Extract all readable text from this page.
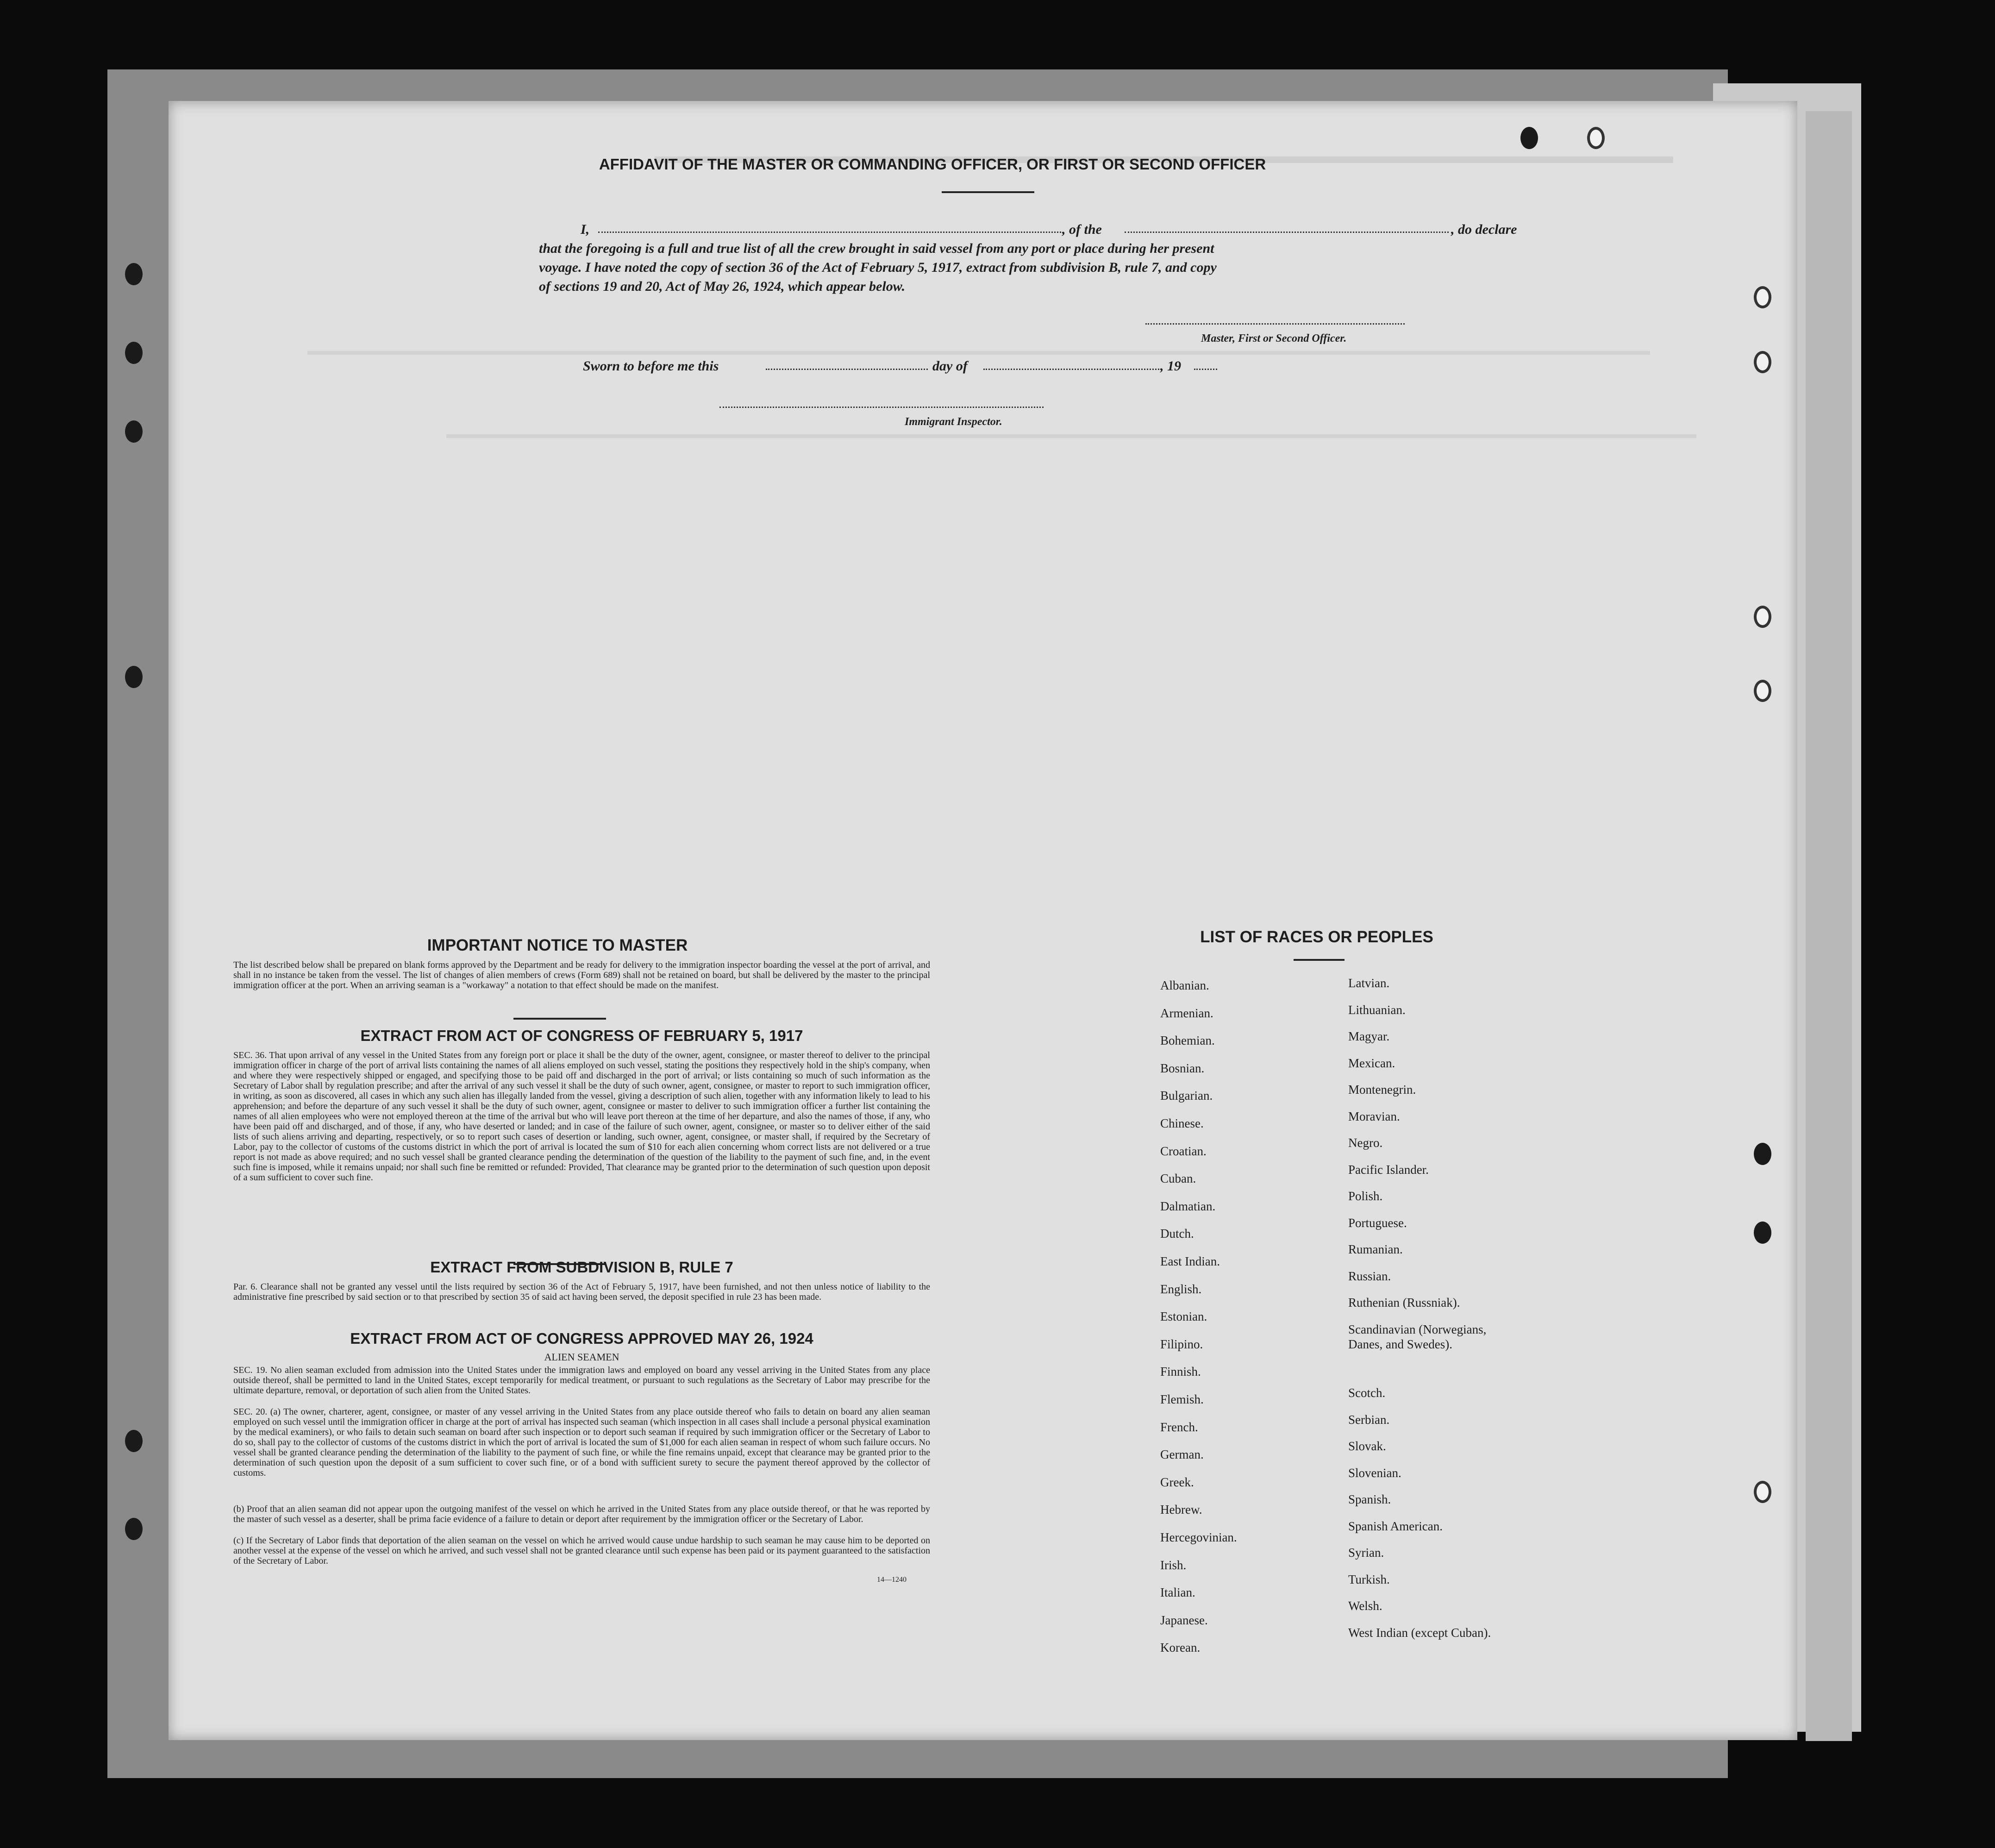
AFFIDAVIT OF THE MASTER OR COMMANDING OFFICER, OR FIRST OR SECOND OFFICER
I,	, of the	, do declare
that the foregoing is a full and true list of all the crew brought in said vessel from any port or place during her present
voyage. I have noted the copy of section 36 of the Act of February 5, 1917, extract from subdivision B, rule 7, and copy
of sections 19 and 20, Act of May 26, 1924, which appear below.
Master, First or Second Officer.
Sworn to before me this	day of	, 19
Immigrant Inspector.
IMPORTANT NOTICE TO MASTER
The list described below shall be prepared on blank forms approved by the Department and be ready for delivery to the immigration inspector boarding the vessel at the port of arrival, and shall in no instance be taken from the vessel. The list of changes of alien members of crews (Form 689) shall not be retained on board, but shall be delivered by the master to the principal immigration officer at the port. When an arriving seaman is a "workaway" a notation to that effect should be made on the manifest.
EXTRACT FROM ACT OF CONGRESS OF FEBRUARY 5, 1917
SEC. 36. That upon arrival of any vessel in the United States from any foreign port or place it shall be the duty of the owner, agent, consignee, or master thereof to deliver to the principal immigration officer in charge of the port of arrival lists containing the names of all aliens employed on such vessel, stating the positions they respectively hold in the ship's company, when and where they were respectively shipped or engaged, and specifying those to be paid off and discharged in the port of arrival; or lists containing so much of such information as the Secretary of Labor shall by regulation prescribe; and after the arrival of any such vessel it shall be the duty of such owner, agent, consignee, or master to report to such immigration officer, in writing, as soon as discovered, all cases in which any such alien has illegally landed from the vessel, giving a description of such alien, together with any information likely to lead to his apprehension; and before the departure of any such vessel it shall be the duty of such owner, agent, consignee or master to deliver to such immigration officer a further list containing the names of all alien employees who were not employed thereon at the time of the arrival but who will leave port thereon at the time of her departure, and also the names of those, if any, who have been paid off and discharged, and of those, if any, who have deserted or landed; and in case of the failure of such owner, agent, consignee, or master so to deliver either of the said lists of such aliens arriving and departing, respectively, or so to report such cases of desertion or landing, such owner, agent, consignee, or master shall, if required by the Secretary of Labor, pay to the collector of customs of the customs district in which the port of arrival is located the sum of $10 for each alien concerning whom correct lists are not delivered or a true report is not made as above required; and no such vessel shall be granted clearance pending the determination of the question of the liability to the payment of such fine, and, in the event such fine is imposed, while it remains unpaid; nor shall such fine be remitted or refunded: Provided, That clearance may be granted prior to the determination of such question upon deposit of a sum sufficient to cover such fine.
EXTRACT FROM SUBDIVISION B, RULE 7
Par. 6. Clearance shall not be granted any vessel until the lists required by section 36 of the Act of February 5, 1917, have been furnished, and not then unless notice of liability to the administrative fine prescribed by said section or to that prescribed by section 35 of said act having been served, the deposit specified in rule 23 has been made.
EXTRACT FROM ACT OF CONGRESS APPROVED MAY 26, 1924
ALIEN SEAMEN
SEC. 19. No alien seaman excluded from admission into the United States under the immigration laws and employed on board any vessel arriving in the United States from any place outside thereof, shall be permitted to land in the United States, except temporarily for medical treatment, or pursuant to such regulations as the Secretary of Labor may prescribe for the ultimate departure, removal, or deportation of such alien from the United States.
SEC. 20. (a) The owner, charterer, agent, consignee, or master of any vessel arriving in the United States from any place outside thereof who fails to detain on board any alien seaman employed on such vessel until the immigration officer in charge at the port of arrival has inspected such seaman (which inspection in all cases shall include a personal physical examination by the medical examiners), or who fails to detain such seaman on board after such inspection or to deport such seaman if required by such immigration officer or the Secretary of Labor to do so, shall pay to the collector of customs of the customs district in which the port of arrival is located the sum of $1,000 for each alien seaman in respect of whom such failure occurs. No vessel shall be granted clearance pending the determination of the liability to the payment of such fine, or while the fine remains unpaid, except that clearance may be granted prior to the determination of such question upon the deposit of a sum sufficient to cover such fine, or of a bond with sufficient surety to secure the payment thereof approved by the collector of customs.
(b) Proof that an alien seaman did not appear upon the outgoing manifest of the vessel on which he arrived in the United States from any place outside thereof, or that he was reported by the master of such vessel as a deserter, shall be prima facie evidence of a failure to detain or deport after requirement by the immigration officer or the Secretary of Labor.
(c) If the Secretary of Labor finds that deportation of the alien seaman on the vessel on which he arrived would cause undue hardship to such seaman he may cause him to be deported on another vessel at the expense of the vessel on which he arrived, and such vessel shall not be granted clearance until such expense has been paid or its payment guaranteed to the satisfaction of the Secretary of Labor.
14—1240
LIST OF RACES OR PEOPLES
Albanian.
Armenian.
Bohemian.
Bosnian.
Bulgarian.
Chinese.
Croatian.
Cuban.
Dalmatian.
Dutch.
East Indian.
English.
Estonian.
Filipino.
Finnish.
Flemish.
French.
German.
Greek.
Hebrew.
Hercegovinian.
Irish.
Italian.
Japanese.
Korean.
Latvian.
Lithuanian.
Magyar.
Mexican.
Montenegrin.
Moravian.
Negro.
Pacific Islander.
Polish.
Portuguese.
Rumanian.
Russian.
Ruthenian (Russniak).
Scandinavian (Norwegians,
Danes, and Swedes).
Scotch.
Serbian.
Slovak.
Slovenian.
Spanish.
Spanish American.
Syrian.
Turkish.
Welsh.
West Indian (except Cuban).
